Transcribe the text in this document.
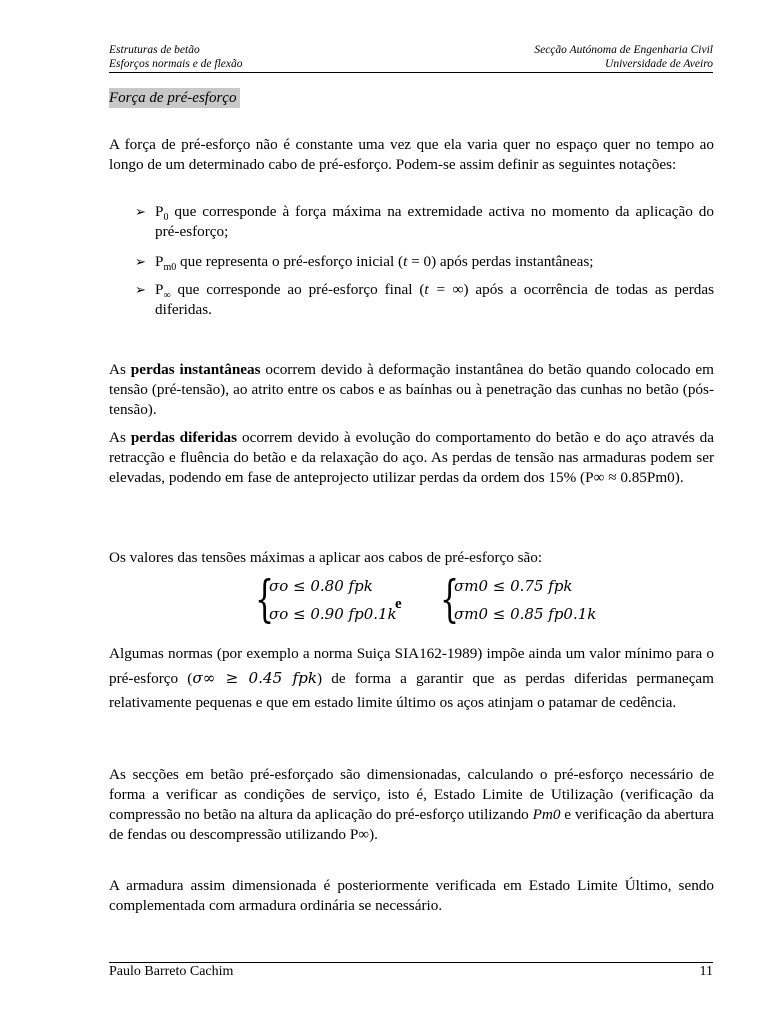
Estruturas de betão
Esforços normais e de flexão
Secção Autónoma de Engenharia Civil
Universidade de Aveiro
Força de pré-esforço

A força de pré-esforço não é constante uma vez que ela varia quer no espaço quer no tempo ao longo de um determinado cabo de pré-esforço. Podem-se assim definir as seguintes notações:

➢ $P_0$ que corresponde à força máxima na extremidade activa no momento da aplicação do pré-esforço;
➢ $P_{m0}$ que representa o pré-esforço inicial (t = 0) após perdas instantâneas;
➢ $P_\infty$ que corresponde ao pré-esforço final (t = ∞) após a ocorrência de todas as perdas diferidas.

As perdas instantâneas ocorrem devido à deformação instantânea do betão quando colocado em tensão (pré-tensão), ao atrito entre os cabos e as baínhas ou à penetração das cunhas no betão (pós-tensão).

As perdas diferidas ocorrem devido à evolução do comportamento do betão e do aço através da retracção e fluência do betão e da relaxação do aço. As perdas de tensão nas armaduras podem ser elevadas, podendo em fase de anteprojecto utilizar perdas da ordem dos 15% (P∞ ≈ 0.85Pm0).

Os valores das tensões máximas a aplicar aos cabos de pré-esforço são:

{
σo ≤ 0.80 fpk
σo ≤ 0.90 fp0.1k
e {
σm0 ≤ 0.75 fpk
σm0 ≤ 0.85 fp0.1k

Algumas normas (por exemplo a norma Suiça SIA162-1989) impõe ainda um valor mínimo para o pré-esforço (σ∞ ≥ 0.45 fpk) de forma a garantir que as perdas diferidas permaneçam relativamente pequenas e que em estado limite último os aços atinjam o patamar de cedência.

As secções em betão pré-esforçado são dimensionadas, calculando o pré-esforço necessário de forma a verificar as condições de serviço, isto é, Estado Limite de Utilização (verificação da compressão no betão na altura da aplicação do pré-esforço utilizando Pm0 e verificação da abertura de fendas ou descompressão utilizando P∞).

A armadura assim dimensionada é posteriormente verificada em Estado Limite Último, sendo complementada com armadura ordinária se necessário.

Paulo Barreto Cachim	11
